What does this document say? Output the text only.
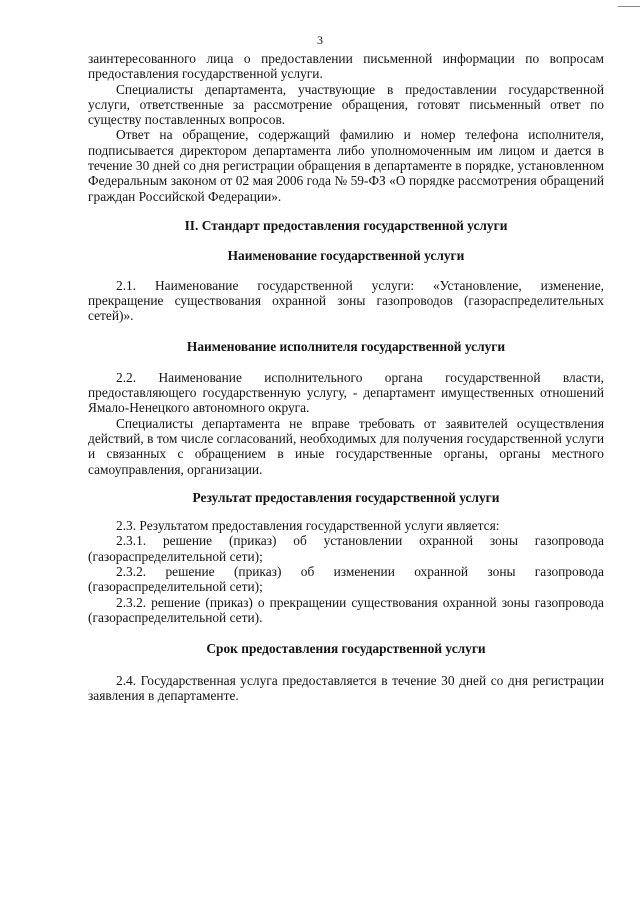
3

заинтересованного лица о предоставлении письменной информации по вопросам предоставления государственной услуги.

Специалисты департамента, участвующие в предоставлении государственной услуги, ответственные за рассмотрение обращения, готовят письменный ответ по существу поставленных вопросов.

Ответ на обращение, содержащий фамилию и номер телефона исполнителя, подписывается директором департамента либо уполномоченным им лицом и дается в течение 30 дней со дня регистрации обращения в департаменте в порядке, установленном Федеральным законом от 02 мая 2006 года № 59-ФЗ «О порядке рассмотрения обращений граждан Российской Федерации».

II. Стандарт предоставления государственной услуги

Наименование государственной услуги

2.1. Наименование государственной услуги: «Установление, изменение, прекращение существования охранной зоны газопроводов (газораспределительных сетей)».

Наименование исполнителя государственной услуги

2.2. Наименование исполнительного органа государственной власти, предоставляющего государственную услугу, - департамент имущественных отношений Ямало-Ненецкого автономного округа.

Специалисты департамента не вправе требовать от заявителей осуществления действий, в том числе согласований, необходимых для получения государственной услуги и связанных с обращением в иные государственные органы, органы местного самоуправления, организации.

Результат предоставления государственной услуги

2.3. Результатом предоставления государственной услуги является:

2.3.1. решение (приказ) об установлении охранной зоны газопровода (газораспределительной сети);

2.3.2. решение (приказ) об изменении охранной зоны газопровода (газораспределительной сети);

2.3.2. решение (приказ) о прекращении существования охранной зоны газопровода (газораспределительной сети).

Срок предоставления государственной услуги

2.4. Государственная услуга предоставляется в течение 30 дней со дня регистрации заявления в департаменте.
